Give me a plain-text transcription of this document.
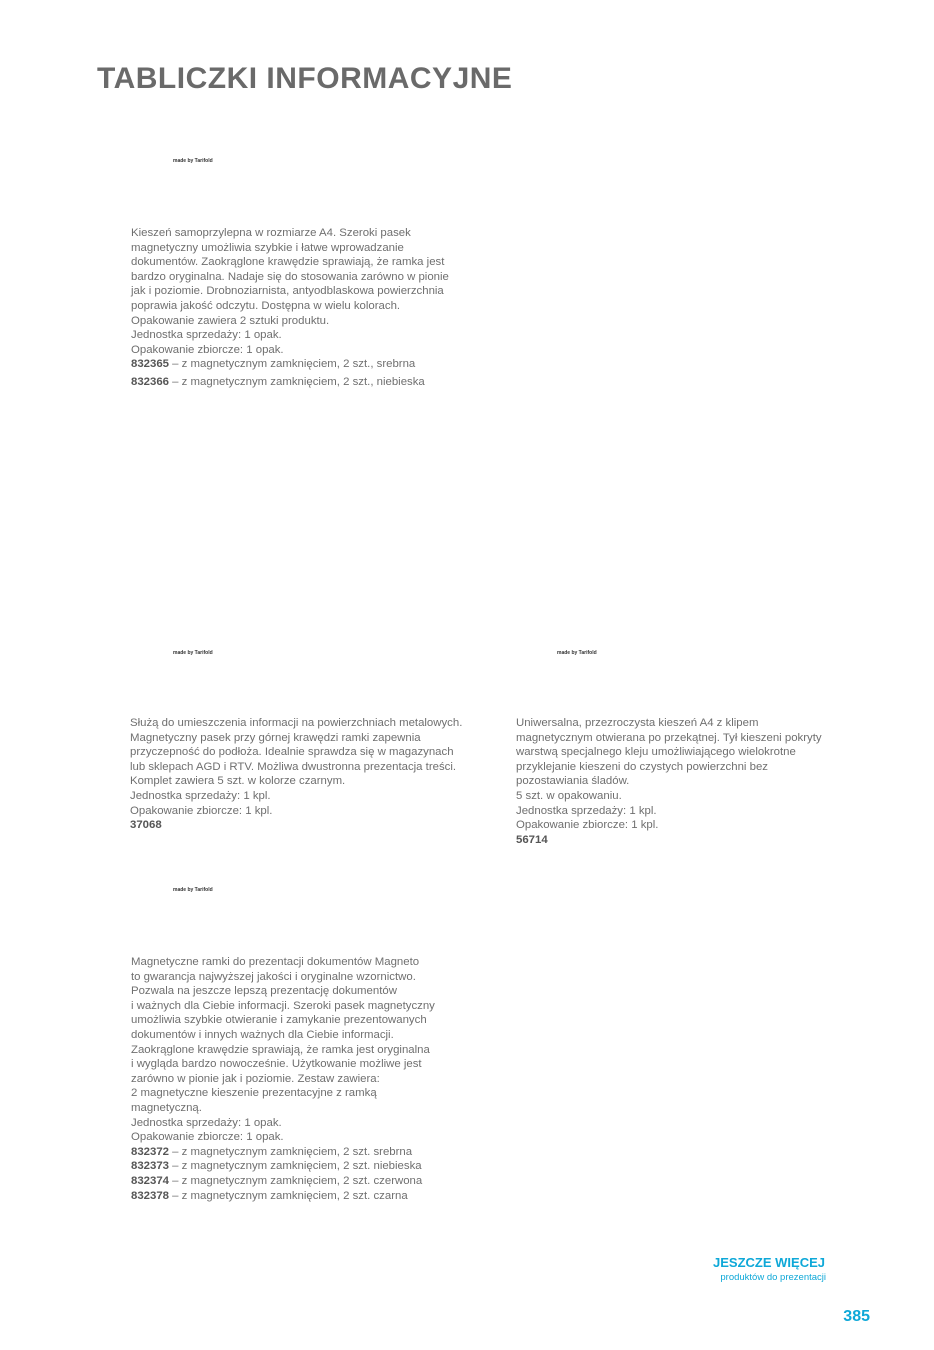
TABLICZKI INFORMACYJNE
made by Tarifold

Kieszeń samoprzylepna w rozmiarze A4. Szeroki pasek
magnetyczny umożliwia szybkie i łatwe wprowadzanie
dokumentów. Zaokrąglone krawędzie sprawiają, że ramka jest
bardzo oryginalna. Nadaje się do stosowania zarówno w pionie
jak i poziomie. Drobnoziarnista, antyodblaskowa powierzchnia
poprawia jakość odczytu. Dostępna w wielu kolorach.
Opakowanie zawiera 2 sztuki produktu.

Jednostka sprzedaży: 1 opak.
Opakowanie zbiorcze: 1 opak.
832365 – z magnetycznym zamknięciem, 2 szt., srebrna
832366 – z magnetycznym zamknięciem, 2 szt., niebieska
made by Tarifold

Służą do umieszczenia informacji na powierzchniach metalowych.
Magnetyczny pasek przy górnej krawędzi ramki zapewnia
przyczepność do podłoża. Idealnie sprawdza się w magazynach
lub sklepach AGD i RTV. Możliwa dwustronna prezentacja treści.
Komplet zawiera 5 szt. w kolorze czarnym.

Jednostka sprzedaży: 1 kpl.
Opakowanie zbiorcze: 1 kpl.
37068
made by Tarifold

Uniwersalna, przezroczysta kieszeń A4 z klipem
magnetycznym otwierana po przekątnej. Tył kieszeni pokryty
warstwą specjalnego kleju umożliwiającego wielokrotne
przyklejanie kieszeni do czystych powierzchni bez
pozostawiania śladów.
5 szt. w opakowaniu.

Jednostka sprzedaży: 1 kpl.
Opakowanie zbiorcze: 1 kpl.
56714
made by Tarifold

Magnetyczne ramki do prezentacji dokumentów Magneto
to gwarancja najwyższej jakości i oryginalne wzornictwo.
Pozwala na jeszcze lepszą prezentację dokumentów
i ważnych dla Ciebie informacji. Szeroki pasek magnetyczny
umożliwia szybkie otwieranie i zamykanie prezentowanych
dokumentów i innych ważnych dla Ciebie informacji.
Zaokrąglone krawędzie sprawiają, że ramka jest oryginalna
i wygląda bardzo nowocześnie. Użytkowanie możliwe jest
zarówno w pionie jak i poziomie. Zestaw zawiera:
2 magnetyczne kieszenie prezentacyjne z ramką
magnetyczną.

Jednostka sprzedaży: 1 opak.
Opakowanie zbiorcze: 1 opak.
832372 – z magnetycznym zamknięciem, 2 szt. srebrna
832373 – z magnetycznym zamknięciem, 2 szt. niebieska
832374 – z magnetycznym zamknięciem, 2 szt. czerwona
832378 – z magnetycznym zamknięciem, 2 szt. czarna
JESZCZE WIĘCEJ
produktów do prezentacji
385
